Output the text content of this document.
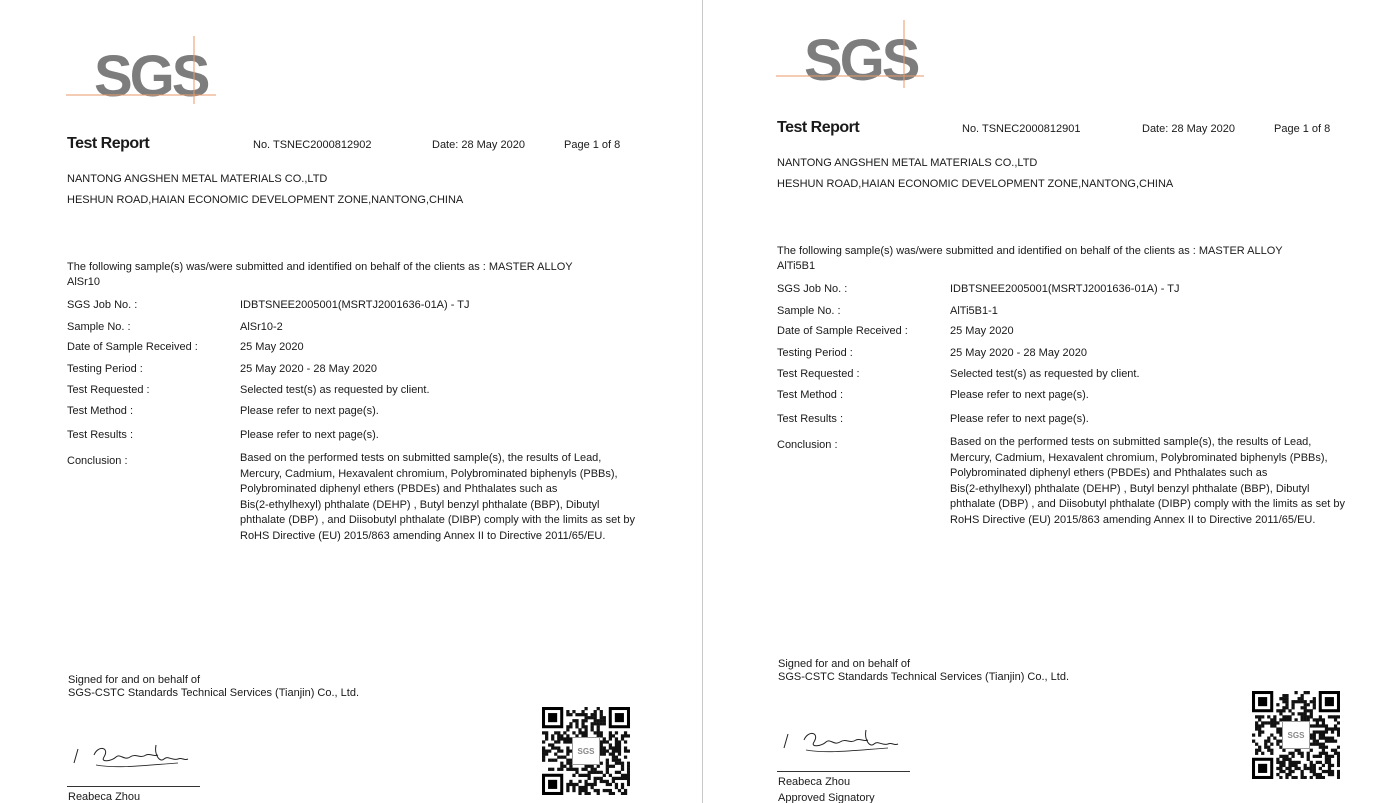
SGS
Test Report	No. TSNEC2000812902	Date: 28 May 2020	Page 1 of 8
NANTONG ANGSHEN METAL MATERIALS CO.,LTD
HESHUN ROAD,HAIAN ECONOMIC DEVELOPMENT ZONE,NANTONG,CHINA
The following sample(s) was/were submitted and identified on behalf of the clients as : MASTER ALLOY
AlSr10
SGS Job No. :	IDBTSNEE2005001(MSRTJ2001636-01A) - TJ
Sample No. :	AlSr10-2
Date of Sample Received :	25 May 2020
Testing Period :	25 May 2020 - 28 May 2020
Test Requested :	Selected test(s) as requested by client.
Test Method :	Please refer to next page(s).
Test Results :	Please refer to next page(s).
Conclusion :	Based on the performed tests on submitted sample(s), the results of Lead,
Mercury, Cadmium, Hexavalent chromium, Polybrominated biphenyls (PBBs),
Polybrominated diphenyl ethers (PBDEs) and Phthalates such as
Bis(2-ethylhexyl) phthalate (DEHP) , Butyl benzyl phthalate (BBP), Dibutyl
phthalate (DBP) , and Diisobutyl phthalate (DIBP) comply with the limits as set by
RoHS Directive (EU) 2015/863 amending Annex II to Directive 2011/65/EU.
Signed for and on behalf of
SGS-CSTC Standards Technical Services (Tianjin) Co., Ltd.
Reabeca Zhou
SGS
SGS
Test Report	No. TSNEC2000812901	Date: 28 May 2020	Page 1 of 8
NANTONG ANGSHEN METAL MATERIALS CO.,LTD
HESHUN ROAD,HAIAN ECONOMIC DEVELOPMENT ZONE,NANTONG,CHINA
The following sample(s) was/were submitted and identified on behalf of the clients as : MASTER ALLOY
AlTi5B1
SGS Job No. :	IDBTSNEE2005001(MSRTJ2001636-01A) - TJ
Sample No. :	AlTi5B1-1
Date of Sample Received :	25 May 2020
Testing Period :	25 May 2020 - 28 May 2020
Test Requested :	Selected test(s) as requested by client.
Test Method :	Please refer to next page(s).
Test Results :	Please refer to next page(s).
Conclusion :	Based on the performed tests on submitted sample(s), the results of Lead,
Mercury, Cadmium, Hexavalent chromium, Polybrominated biphenyls (PBBs),
Polybrominated diphenyl ethers (PBDEs) and Phthalates such as
Bis(2-ethylhexyl) phthalate (DEHP) , Butyl benzyl phthalate (BBP), Dibutyl
phthalate (DBP) , and Diisobutyl phthalate (DIBP) comply with the limits as set by
RoHS Directive (EU) 2015/863 amending Annex II to Directive 2011/65/EU.
Signed for and on behalf of
SGS-CSTC Standards Technical Services (Tianjin) Co., Ltd.
Reabeca Zhou
Approved Signatory
SGS
